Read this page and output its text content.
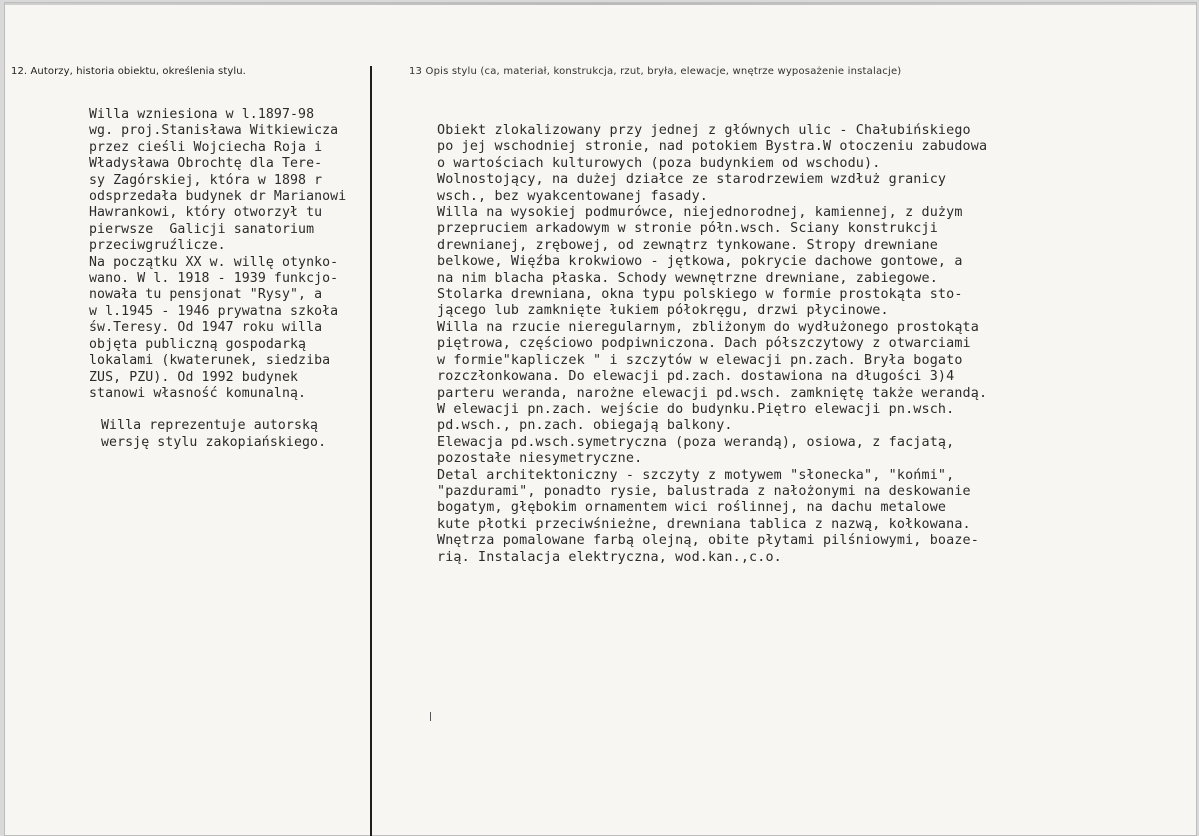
12. Autorzy, historia obiektu, określenia stylu.	13 Opis stylu (ca, materiał, konstrukcja, rzut, bryła, elewacje, wnętrze wyposażenie instalacje)
Willa wzniesiona w l.1897-98
wg. proj.Stanisława Witkiewicza
przez cieśli Wojciecha Roja i
Władysława Obrochtę dla Tere-
sy Zagórskiej, która w 1898 r
odsprzedała budynek dr Marianowi
Hawrankowi, który otworzył tu
pierwsze  Galicji sanatorium
przeciwgruźlicze.
Na początku XX w. willę otynko-
wano. W l. 1918 - 1939 funkcjo-
nowała tu pensjonat "Rysy", a
w l.1945 - 1946 prywatna szkoła
św.Teresy. Od 1947 roku willa
objęta publiczną gospodarką
lokalami (kwaterunek, siedziba
ZUS, PZU). Od 1992 budynek
stanowi własność komunalną.
Willa reprezentuje autorską
wersję stylu zakopiańskiego.
Obiekt zlokalizowany przy jednej z głównych ulic - Chałubińskiego
po jej wschodniej stronie, nad potokiem Bystra.W otoczeniu zabudowa
o wartościach kulturowych (poza budynkiem od wschodu).
Wolnostojący, na dużej działce ze starodrzewiem wzdłuż granicy
wsch., bez wyakcentowanej fasady.
Willa na wysokiej podmurówce, niejednorodnej, kamiennej, z dużym
przepruciem arkadowym w stronie półn.wsch. Sciany konstrukcji
drewnianej, zrębowej, od zewnątrz tynkowane. Stropy drewniane
belkowe, Więźba krokwiowo - jętkowa, pokrycie dachowe gontowe, a
na nim blacha płaska. Schody wewnętrzne drewniane, zabiegowe.
Stolarka drewniana, okna typu polskiego w formie prostokąta sto-
jącego lub zamknięte łukiem półokręgu, drzwi płycinowe.
Willa na rzucie nieregularnym, zbliżonym do wydłużonego prostokąta
piętrowa, częściowo podpiwniczona. Dach półszczytowy z otwarciami
w formie"kapliczek " i szczytów w elewacji pn.zach. Bryła bogato
rozczłonkowana. Do elewacji pd.zach. dostawiona na długości 3)4
parteru weranda, narożne elewacji pd.wsch. zamkniętę także werandą.
W elewacji pn.zach. wejście do budynku.Piętro elewacji pn.wsch.
pd.wsch., pn.zach. obiegają balkony.
Elewacja pd.wsch.symetryczna (poza werandą), osiowa, z facjatą,
pozostałe niesymetryczne.
Detal architektoniczny - szczyty z motywem "słonecka", "końmi",
"pazdurami", ponadto rysie, balustrada z nałożonymi na deskowanie
bogatym, głębokim ornamentem wici roślinnej, na dachu metalowe
kute płotki przeciwśnieżne, drewniana tablica z nazwą, kołkowana.
Wnętrza pomalowane farbą olejną, obite płytami pilśniowymi, boaze-
rią. Instalacja elektryczna, wod.kan.,c.o.
